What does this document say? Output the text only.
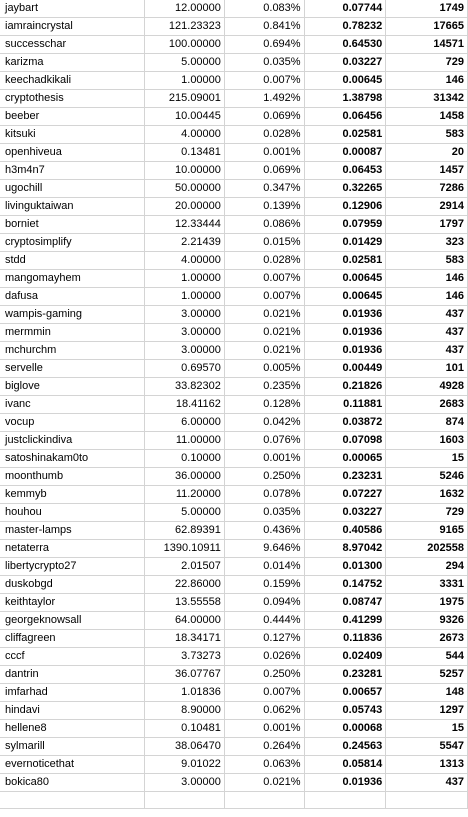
jaybart	12.00000	0.083%	0.07744	1749
iamraincrystal	121.23323	0.841%	0.78232	17665
successchar	100.00000	0.694%	0.64530	14571
karizma	5.00000	0.035%	0.03227	729
keechadkikali	1.00000	0.007%	0.00645	146
cryptothesis	215.09001	1.492%	1.38798	31342
beeber	10.00445	0.069%	0.06456	1458
kitsuki	4.00000	0.028%	0.02581	583
openhiveua	0.13481	0.001%	0.00087	20
h3m4n7	10.00000	0.069%	0.06453	1457
ugochill	50.00000	0.347%	0.32265	7286
livinguktaiwan	20.00000	0.139%	0.12906	2914
borniet	12.33444	0.086%	0.07959	1797
cryptosimplify	2.21439	0.015%	0.01429	323
stdd	4.00000	0.028%	0.02581	583
mangomayhem	1.00000	0.007%	0.00645	146
dafusa	1.00000	0.007%	0.00645	146
wampis-gaming	3.00000	0.021%	0.01936	437
mermmin	3.00000	0.021%	0.01936	437
mchurchm	3.00000	0.021%	0.01936	437
servelle	0.69570	0.005%	0.00449	101
biglove	33.82302	0.235%	0.21826	4928
ivanc	18.41162	0.128%	0.11881	2683
vocup	6.00000	0.042%	0.03872	874
justclickindiva	11.00000	0.076%	0.07098	1603
satoshinakam0to	0.10000	0.001%	0.00065	15
moonthumb	36.00000	0.250%	0.23231	5246
kemmyb	11.20000	0.078%	0.07227	1632
houhou	5.00000	0.035%	0.03227	729
master-lamps	62.89391	0.436%	0.40586	9165
netaterra	1390.10911	9.646%	8.97042	202558
libertycrypto27	2.01507	0.014%	0.01300	294
duskobgd	22.86000	0.159%	0.14752	3331
keithtaylor	13.55558	0.094%	0.08747	1975
georgeknowsall	64.00000	0.444%	0.41299	9326
cliffagreen	18.34171	0.127%	0.11836	2673
cccf	3.73273	0.026%	0.02409	544
dantrin	36.07767	0.250%	0.23281	5257
imfarhad	1.01836	0.007%	0.00657	148
hindavi	8.90000	0.062%	0.05743	1297
hellene8	0.10481	0.001%	0.00068	15
sylmarill	38.06470	0.264%	0.24563	5547
evernoticethat	9.01022	0.063%	0.05814	1313
bokica80	3.00000	0.021%	0.01936	437
